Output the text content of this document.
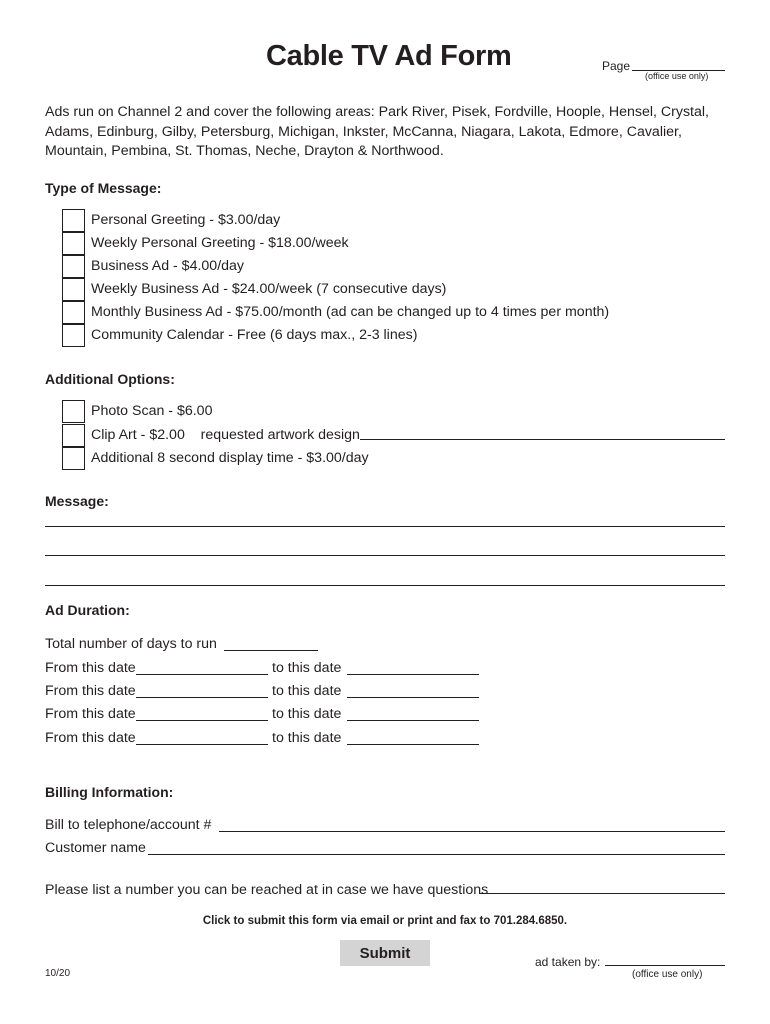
Cable TV Ad Form	Page
(office use only)
Ads run on Channel 2 and cover the following areas: Park River, Pisek, Fordville, Hoople, Hensel, Crystal, Adams, Edinburg, Gilby, Petersburg, Michigan, Inkster, McCanna, Niagara, Lakota, Edmore, Cavalier, Mountain, Pembina, St. Thomas, Neche, Drayton & Northwood.
Type of Message:
Personal Greeting - $3.00/day
Weekly Personal Greeting - $18.00/week
Business Ad - $4.00/day
Weekly Business Ad - $24.00/week (7 consecutive days)
Monthly Business Ad - $75.00/month (ad can be changed up to 4 times per month)
Community Calendar - Free (6 days max., 2-3 lines)
Additional Options:
Photo Scan - $6.00
Clip Art - $2.00    requested artwork design
Additional 8 second display time - $3.00/day
Message:
Ad Duration:
Total number of days to run
From this date	to this date
From this date	to this date
From this date	to this date
From this date	to this date
Billing Information:
Bill to telephone/account #
Customer name
Please list a number you can be reached at in case we have questions
Click to submit this form via email or print and fax to 701.284.6850.
Submit
ad taken by:
(office use only)
10/20
